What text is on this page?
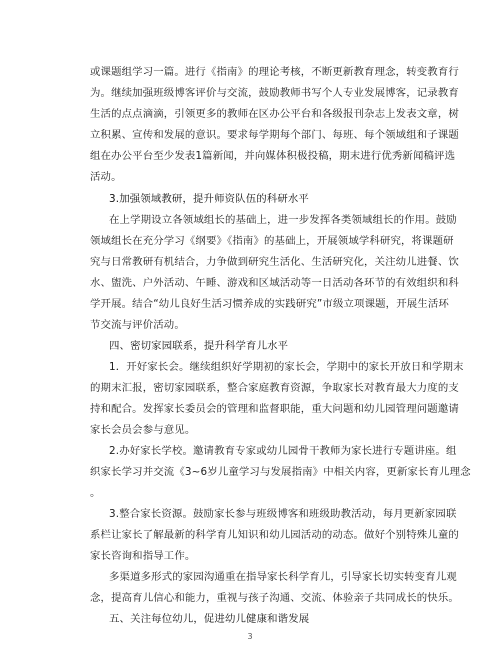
或课题组学习一篇。进行《指南》的理论考核，不断更新教育理念，转变教育行
为。继续加强班级博客评价与交流，鼓励教师书写个人专业发展博客，记录教育
生活的点点滴滴，引领更多的教师在区办公平台和各级报刊杂志上发表文章，树
立积累、宣传和发展的意识。要求每学期每个部门、每班、每个领域组和子课题
组在办公平台至少发表1篇新闻，并向媒体积极投稿，期末进行优秀新闻稿评选
活动。
3.加强领域教研，提升师资队伍的科研水平
在上学期设立各领域组长的基础上，进一步发挥各类领域组长的作用。鼓励
领域组长在充分学习《纲要》《指南》的基础上，开展领域学科研究，将课题研
究与日常教研有机结合，力争做到研究生活化、生活研究化，关注幼儿进餐、饮
水、盥洗、户外活动、午睡、游戏和区域活动等一日活动各环节的有效组织和科
学开展。结合“幼儿良好生活习惯养成的实践研究”市级立项课题，开展生活环
节交流与评价活动。
四、密切家园联系，提升科学育儿水平
1．开好家长会。继续组织好学期初的家长会，学期中的家长开放日和学期末
的期末汇报，密切家园联系，整合家庭教育资源，争取家长对教育最大力度的支
持和配合。发挥家长委员会的管理和监督职能，重大问题和幼儿园管理问题邀请
家长会员会参与意见。
2.办好家长学校。邀请教育专家或幼儿园骨干教师为家长进行专题讲座。组
织家长学习并交流《3~6岁儿童学习与发展指南》中相关内容，更新家长育儿理念
。
3.整合家长资源。鼓励家长参与班级博客和班级助教活动，每月更新家园联
系栏让家长了解最新的科学育儿知识和幼儿园活动的动态。做好个别特殊儿童的
家长咨询和指导工作。
多渠道多形式的家园沟通重在指导家长科学育儿，引导家长切实转变育儿观
念，提高育儿信心和能力，重视与孩子沟通、交流、体验亲子共同成长的快乐。
五、关注每位幼儿，促进幼儿健康和谐发展
3
